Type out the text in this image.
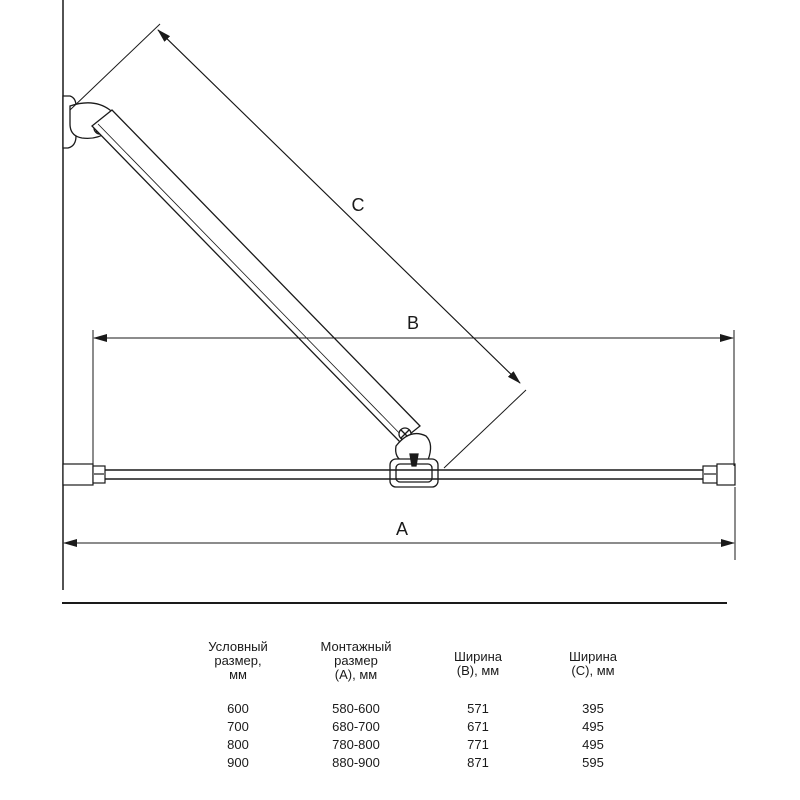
A
B
C
Условный
размер,
мм	Монтажный
размер
(A), мм	Ширина
(B), мм	Ширина
(C), мм

600	580-600	571	395
700	680-700	671	495
800	780-800	771	495
900	880-900	871	595
